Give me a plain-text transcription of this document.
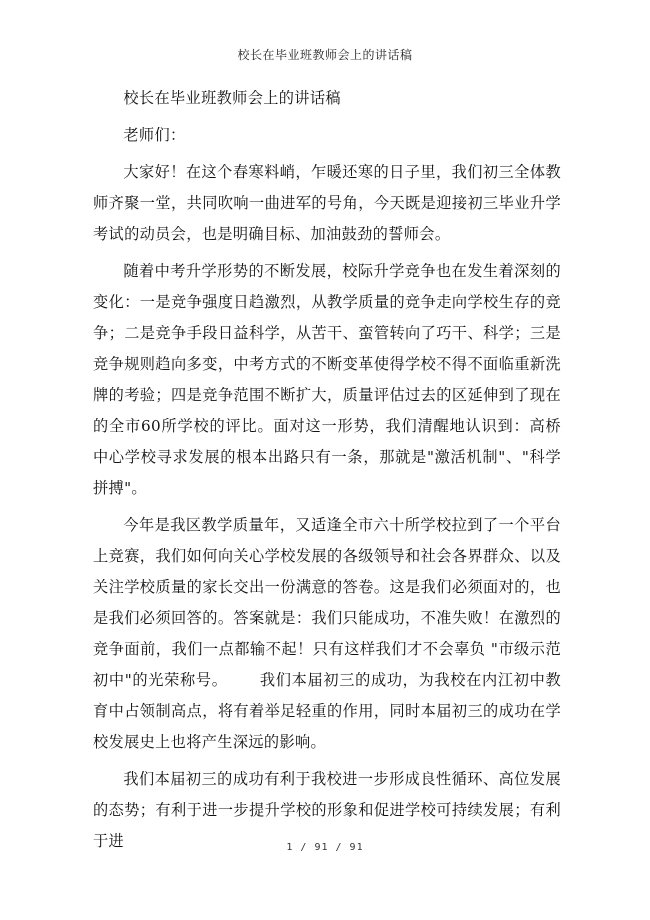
校长在毕业班教师会上的讲话稿

校长在毕业班教师会上的讲话稿

老师们：

大家好！在这个春寒料峭，乍暖还寒的日子里，我们初三全体教师齐聚一堂，共同吹响一曲进军的号角，今天既是迎接初三毕业升学考试的动员会，也是明确目标、加油鼓劲的誓师会。

随着中考升学形势的不断发展，校际升学竞争也在发生着深刻的变化：一是竞争强度日趋激烈，从教学质量的竞争走向学校生存的竞争；二是竞争手段日益科学，从苦干、蛮管转向了巧干、科学；三是竞争规则趋向多变，中考方式的不断变革使得学校不得不面临重新洗牌的考验；四是竞争范围不断扩大，质量评估过去的区延伸到了现在的全市60所学校的评比。面对这一形势，我们清醒地认识到：高桥中心学校寻求发展的根本出路只有一条，那就是"激活机制"、"科学拼搏"。

今年是我区教学质量年，又适逢全市六十所学校拉到了一个平台上竞赛，我们如何向关心学校发展的各级领导和社会各界群众、以及关注学校质量的家长交出一份满意的答卷。这是我们必须面对的，也是我们必须回答的。答案就是：我们只能成功，不准失败！在激烈的竞争面前，我们一点都输不起！只有这样我们才不会辜负 "市级示范初中"的光荣称号。 我们本届初三的成功，为我校在内江初中教育中占领制高点，将有着举足轻重的作用，同时本届初三的成功在学校发展史上也将产生深远的影响。

我们本届初三的成功有利于我校进一步形成良性循环、高位发展的态势；有利于进一步提升学校的形象和促进学校可持续发展；有利于进	1 / 91 / 91
